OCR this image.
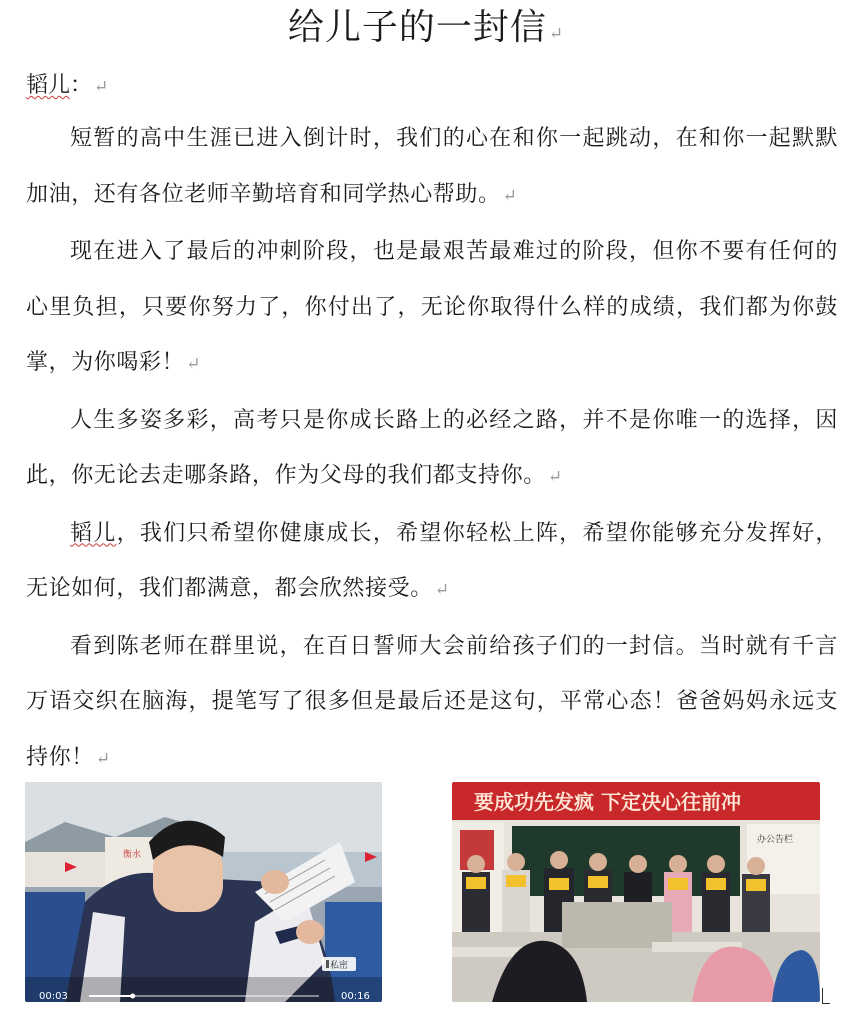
给儿子的一封信 ↵
韬儿： ↵

短暂的高中生涯已进入倒计时，我们的心在和你一起跳动，在和你一起默默加油，还有各位老师辛勤培育和同学热心帮助。 ↵

现在进入了最后的冲刺阶段，也是最艰苦最难过的阶段，但你不要有任何的心里负担，只要你努力了，你付出了，无论你取得什么样的成绩，我们都为你鼓掌，为你喝彩！ ↵

人生多姿多彩，高考只是你成长路上的必经之路，并不是你唯一的选择，因此，你无论去走哪条路，作为父母的我们都支持你。 ↵

韬儿，我们只希望你健康成长，希望你轻松上阵，希望你能够充分发挥好，无论如何，我们都满意，都会欣然接受。 ↵

看到陈老师在群里说，在百日誓师大会前给孩子们的一封信。当时就有千言万语交织在脑海，提笔写了很多但是最后还是这句，平常心态！爸爸妈妈永远支持你！ ↵

衡水
00:03	00:16
私密
要成功先发疯 下定决心往前冲
办公告栏
